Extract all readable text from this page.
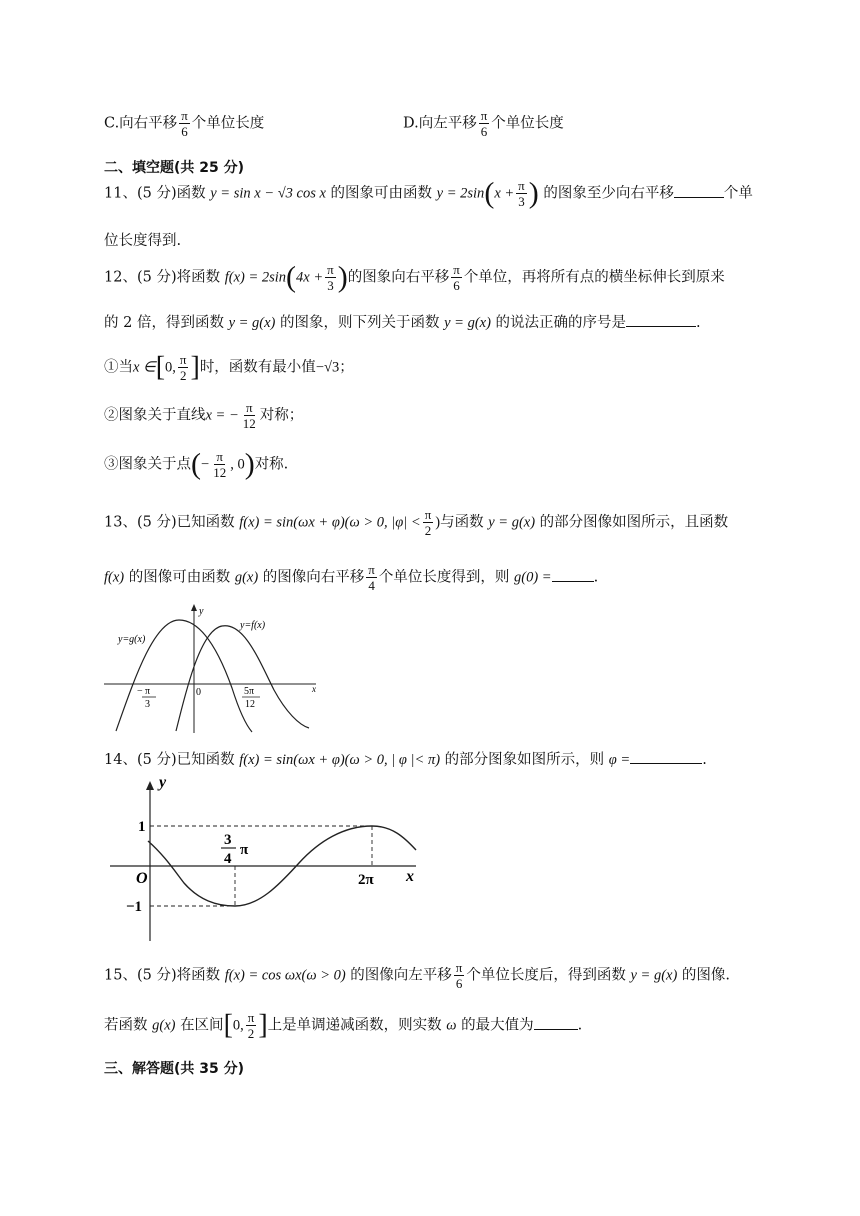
C.向右平移 $\frac{\pi}{6}$ 个单位长度	D.向左平移 $\frac{\pi}{6}$ 个单位长度
二、填空题(共 25 分)
11、(5 分)函数 y = sin x − √3 cos x 的图象可由函数 $y = 2\sin(x + \frac{\pi}{3}$ ) 的图象至少向右平移	个单
位长度得到.
12、(5 分)将函数 $f(x) = 2\sin(4x + \frac{\pi}{3}$ )的图象向右平移 $\frac{\pi}{6}$ 个单位，再将所有点的横坐标伸长到原来
的 2 倍，得到函数 y = g(x) 的图象，则下列关于函数 y = g(x) 的说法正确的序号是	.
①当x ∈[0, $\frac{\pi}{2}$ ]时，函数有最小值−√3；
②图象关于直线x = − $\frac{\pi}{12}$ 对称；
③图象关于点(− $\frac{\pi}{12}$ , 0)对称.
13、(5 分)已知函数 f(x) = sin(ωx + φ)(ω > 0, $|\varphi| < \frac{\pi}{2}$ )与函数 y = g(x) 的部分图像如图所示，且函数
f(x) 的图像可由函数 g(x) 的图像向右平移 $\frac{\pi}{4}$ 个单位长度得到，则 g(0) =	.
y=g(x)
y=f(x)
y
x
0
− π
3
5π
12
14、(5 分)已知函数 f(x) = sin(ωx + φ)(ω > 0, | φ |< π) 的部分图象如图所示，则 φ =	.
y
x
O
1
−1
3
4
π
2π
15、(5 分)将函数 f(x) = cos ωx(ω > 0) 的图像向左平移 $\frac{\pi}{6}$ 个单位长度后，得到函数 y = g(x) 的图像.
若函数 g(x) 在区间[0, $\frac{\pi}{2}$ ]上是单调递减函数，则实数 ω 的最大值为	.
三、解答题(共 35 分)
